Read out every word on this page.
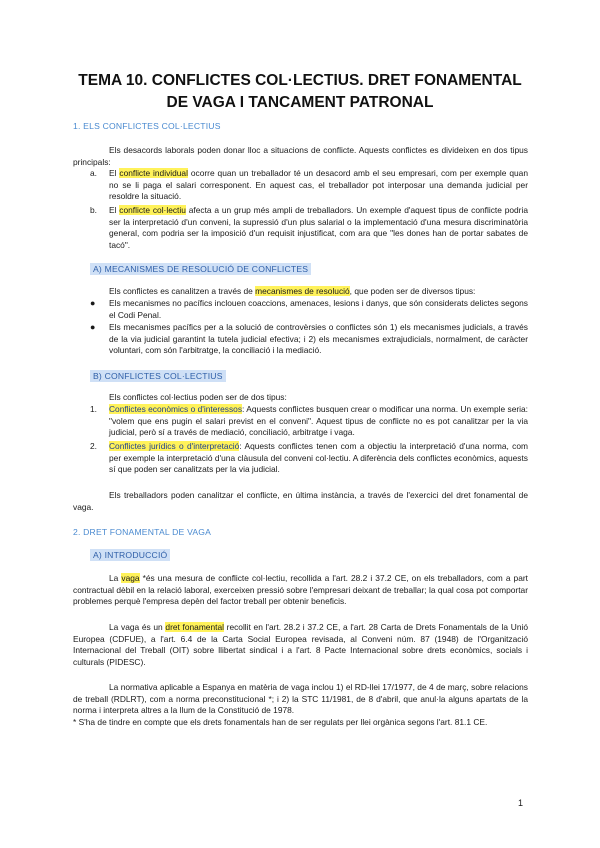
TEMA 10. CONFLICTES COL·LECTIUS. DRET FONAMENTAL
DE VAGA I TANCAMENT PATRONAL
1. ELS CONFLICTES COL·LECTIUS
Els desacords laborals poden donar lloc a situacions de conflicte. Aquests conflictes es divideixen en dos tipus principals:
a. El conflicte individual ocorre quan un treballador té un desacord amb el seu empresari, com per exemple quan no se li paga el salari corresponent. En aquest cas, el treballador pot interposar una demanda judicial per resoldre la situació.
b. El conflicte col·lectiu afecta a un grup més ampli de treballadors. Un exemple d'aquest tipus de conflicte podria ser la interpretació d'un conveni, la supressió d'un plus salarial o la implementació d'una mesura discriminatòria general, com podria ser la imposició d'un requisit injustificat, com ara que "les dones han de portar sabates de tacó".
A) MECANISMES DE RESOLUCIÓ DE CONFLICTES
Els conflictes es canalitzen a través de mecanismes de resolució, que poden ser de diversos tipus:
● Els mecanismes no pacífics inclouen coaccions, amenaces, lesions i danys, que són considerats delictes segons el Codi Penal.
● Els mecanismes pacífics per a la solució de controvèrsies o conflictes són 1) els mecanismes judicials, a través de la via judicial garantint la tutela judicial efectiva; i 2) els mecanismes extrajudicials, normalment, de caràcter voluntari, com són l'arbitratge, la conciliació i la mediació.
B) CONFLICTES COL·LECTIUS
Els conflictes col·lectius poden ser de dos tipus:
1. Conflictes econòmics o d'interessos: Aquests conflictes busquen crear o modificar una norma. Un exemple seria: "volem que ens pugin el salari previst en el conveni". Aquest tipus de conflicte no es pot canalitzar per la via judicial, però sí a través de mediació, conciliació, arbitratge i vaga.
2. Conflictes jurídics o d'interpretació: Aquests conflictes tenen com a objectiu la interpretació d'una norma, com per exemple la interpretació d'una clàusula del conveni col·lectiu. A diferència dels conflictes econòmics, aquests sí que poden ser canalitzats per la via judicial.
Els treballadors poden canalitzar el conflicte, en última instància, a través de l'exercici del dret fonamental de vaga.
2. DRET FONAMENTAL DE VAGA
A) INTRODUCCIÓ
La vaga *és una mesura de conflicte col·lectiu, recollida a l'art. 28.2 i 37.2 CE, on els treballadors, com a part contractual dèbil en la relació laboral, exerceixen pressió sobre l'empresari deixant de treballar; la qual cosa pot comportar problemes perquè l'empresa depèn del factor treball per obtenir beneficis.
La vaga és un dret fonamental recollit en l'art. 28.2 i 37.2 CE, a l'art. 28 Carta de Drets Fonamentals de la Unió Europea (CDFUE), a l'art. 6.4 de la Carta Social Europea revisada, al Conveni núm. 87 (1948) de l'Organització Internacional del Treball (OIT) sobre llibertat sindical i a l'art. 8 Pacte Internacional sobre drets econòmics, socials i culturals (PIDESC).
La normativa aplicable a Espanya en matèria de vaga inclou 1) el RD-llei 17/1977, de 4 de març, sobre relacions de treball (RDLRT), com a norma preconstitucional *; i 2) la STC 11/1981, de 8 d'abril, que anul·la alguns apartats de la norma i interpreta altres a la llum de la Constitució de 1978.
* S'ha de tindre en compte que els drets fonamentals han de ser regulats per llei orgànica segons l'art. 81.1 CE.
1
